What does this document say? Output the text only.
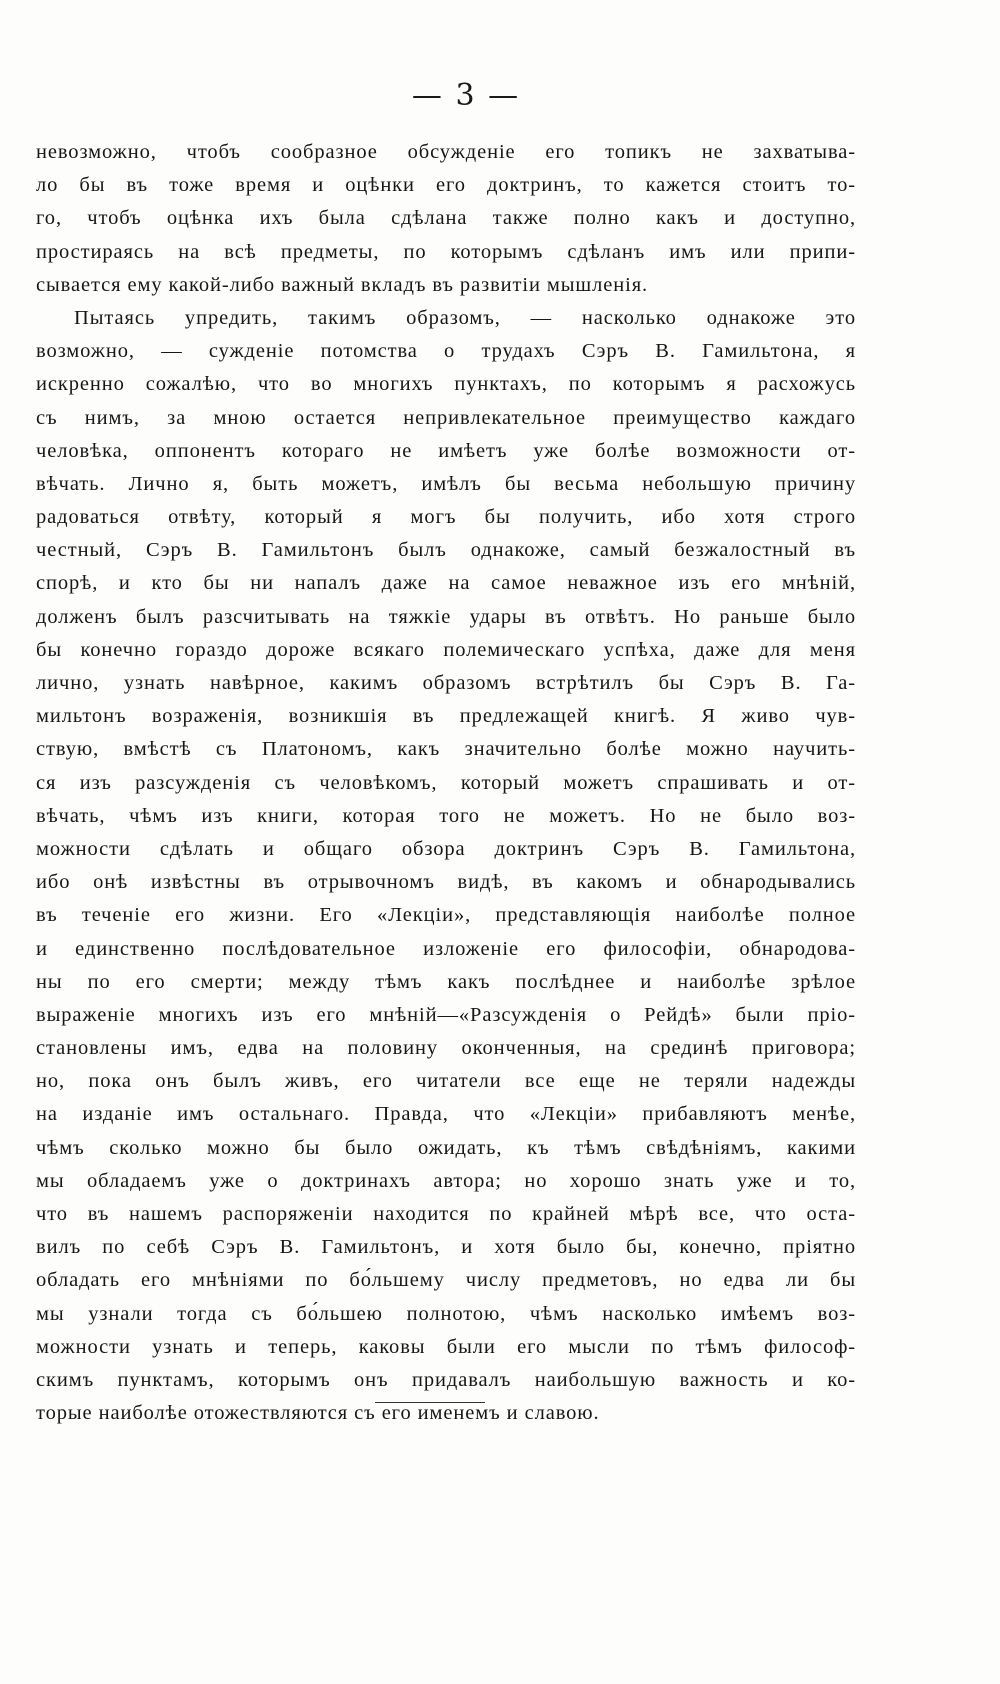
— 3 —
невозможно, чтобъ сообразное обсужденіе его топикъ не захватыва-
ло бы въ тоже время и оцѣнки его доктринъ, то кажется стоитъ то-
го, чтобъ оцѣнка ихъ была сдѣлана также полно какъ и доступно,
простираясь на всѣ предметы, по которымъ сдѣланъ имъ или припи-
сывается ему какой-либо важный вкладъ въ развитіи мышленія.
Пытаясь упредить, такимъ образомъ, — насколько однакоже это
возможно, — сужденіе потомства о трудахъ Сэръ В. Гамильтона, я
искренно сожалѣю, что во многихъ пунктахъ, по которымъ я расхожусь
съ нимъ, за мною остается непривлекательное преимущество каждаго
человѣка, оппонентъ котораго не имѣетъ уже болѣе возможности от-
вѣчать. Лично я, быть можетъ, имѣлъ бы весьма небольшую причину
радоваться отвѣту, который я могъ бы получить, ибо хотя строго
честный, Сэръ В. Гамильтонъ былъ однакоже, самый безжалостный въ
спорѣ, и кто бы ни напалъ даже на самое неважное изъ его мнѣній,
долженъ былъ разсчитывать на тяжкіе удары въ отвѣтъ. Но раньше было
бы конечно гораздо дороже всякаго полемическаго успѣха, даже для меня
лично, узнать навѣрное, какимъ образомъ встрѣтилъ бы Сэръ В. Га-
мильтонъ возраженія, возникшія въ предлежащей книгѣ. Я живо чув-
ствую, вмѣстѣ съ Платономъ, какъ значительно болѣе можно научить-
ся изъ разсужденія съ человѣкомъ, который можетъ спрашивать и от-
вѣчать, чѣмъ изъ книги, которая того не можетъ. Но не было воз-
можности сдѣлать и общаго обзора доктринъ Сэръ В. Гамильтона,
ибо онѣ извѣстны въ отрывочномъ видѣ, въ какомъ и обнародывались
въ теченіе его жизни. Его «Лекціи», представляющія наиболѣе полное
и единственно послѣдовательное изложеніе его философіи, обнародова-
ны по его смерти; между тѣмъ какъ послѣднее и наиболѣе зрѣлое
выраженіе многихъ изъ его мнѣній—«Разсужденія о Рейдѣ» были пріо-
становлены имъ, едва на половину оконченныя, на срединѣ приговора;
но, пока онъ былъ живъ, его читатели все еще не теряли надежды
на изданіе имъ остальнаго. Правда, что «Лекціи» прибавляютъ менѣе,
чѣмъ сколько можно бы было ожидать, къ тѣмъ свѣдѣніямъ, какими
мы обладаемъ уже о доктринахъ автора; но хорошо знать уже и то,
что въ нашемъ распоряженіи находится по крайней мѣрѣ все, что оста-
вилъ по себѣ Сэръ В. Гамильтонъ, и хотя было бы, конечно, пріятно
обладать его мнѣніями по бо́льшему числу предметовъ, но едва ли бы
мы узнали тогда съ бо́льшею полнотою, чѣмъ насколько имѣемъ воз-
можности узнать и теперь, каковы были его мысли по тѣмъ философ-
скимъ пунктамъ, которымъ онъ придавалъ наибольшую важность и ко-
торые наиболѣе отожествляются съ его именемъ и славою.
